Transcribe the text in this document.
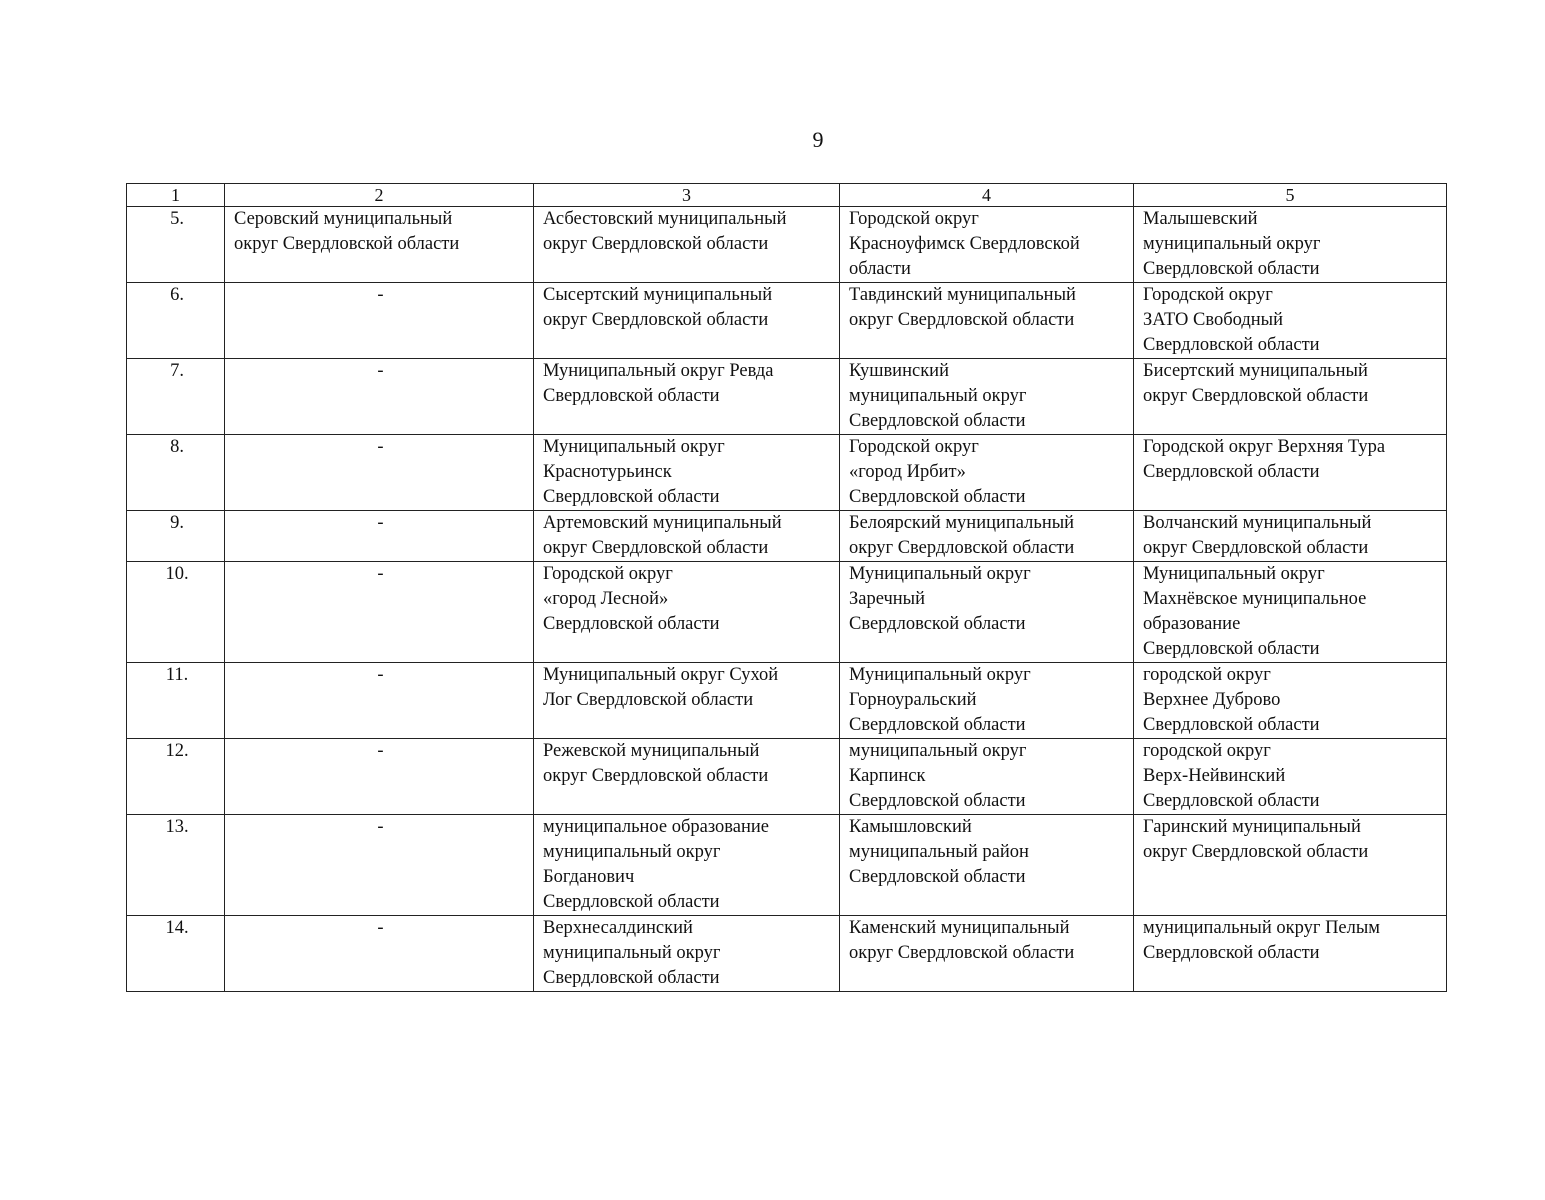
9
1	2	3	4	5
5.	Серовский муниципальный
округ Свердловской области	Асбестовский муниципальный
округ Свердловской области	Городской округ
Красноуфимск Свердловской
области	Малышевский
муниципальный округ
Свердловской области
6.	-	Сысертский муниципальный
округ Свердловской области	Тавдинский муниципальный
округ Свердловской области	Городской округ
ЗАТО Свободный
Свердловской области
7.	-	Муниципальный округ Ревда
Свердловской области	Кушвинский
муниципальный округ
Свердловской области	Бисертский муниципальный
округ Свердловской области
8.	-	Муниципальный округ
Краснотурьинск
Свердловской области	Городской округ
«город Ирбит»
Свердловской области	Городской округ Верхняя Тура
Свердловской области
9.	-	Артемовский муниципальный
округ Свердловской области	Белоярский муниципальный
округ Свердловской области	Волчанский муниципальный
округ Свердловской области
10.	-	Городской округ
«город Лесной»
Свердловской области	Муниципальный округ
Заречный
Свердловской области	Муниципальный округ
Махнёвское муниципальное
образование
Свердловской области
11.	-	Муниципальный округ Сухой
Лог Свердловской области	Муниципальный округ
Горноуральский
Свердловской области	городской округ
Верхнее Дуброво
Свердловской области
12.	-	Режевской муниципальный
округ Свердловской области	муниципальный округ
Карпинск
Свердловской области	городской округ
Верх-Нейвинский
Свердловской области
13.	-	муниципальное образование
муниципальный округ
Богданович
Свердловской области	Камышловский
муниципальный район
Свердловской области	Гаринский муниципальный
округ Свердловской области
14.	-	Верхнесалдинский
муниципальный округ
Свердловской области	Каменский муниципальный
округ Свердловской области	муниципальный округ Пелым
Свердловской области
